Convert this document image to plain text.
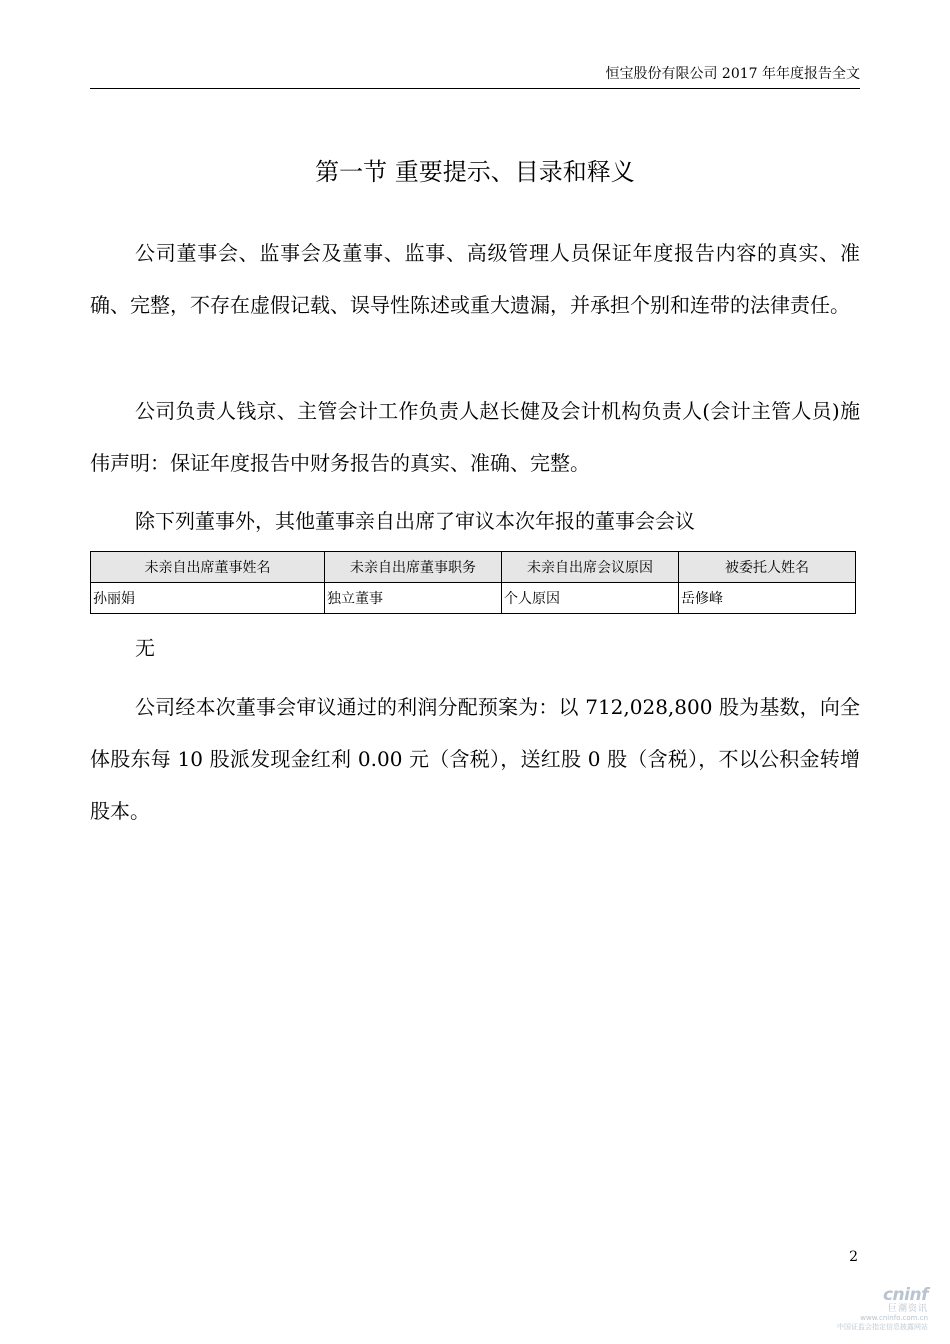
恒宝股份有限公司 2017 年年度报告全文
第一节 重要提示、目录和释义

公司董事会、监事会及董事、监事、高级管理人员保证年度报告内容的真实、准确、完整，不存在虚假记载、误导性陈述或重大遗漏，并承担个别和连带的法律责任。

公司负责人钱京、主管会计工作负责人赵长健及会计机构负责人(会计主管人员)施伟声明：保证年度报告中财务报告的真实、准确、完整。

除下列董事外，其他董事亲自出席了审议本次年报的董事会会议

未亲自出席董事姓名	未亲自出席董事职务	未亲自出席会议原因	被委托人姓名
孙丽娟	独立董事	个人原因	岳修峰
无

公司经本次董事会审议通过的利润分配预案为：以 712,028,800 股为基数，向全体股东每 10 股派发现金红利 0.00 元（含税），送红股 0 股（含税），不以公积金转增股本。

2
cninf
巨潮资讯
www.cninfo.com.cn
中国证监会指定信息披露网站
